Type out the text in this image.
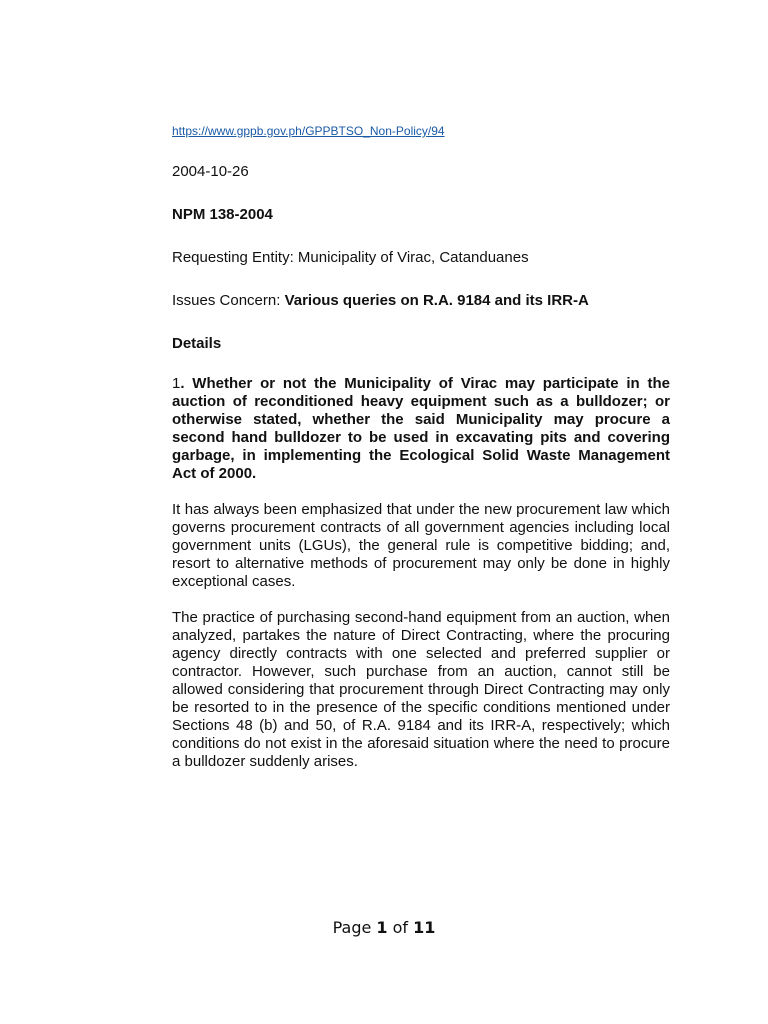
https://www.gppb.gov.ph/GPPBTSO_Non-Policy/94
2004-10-26
NPM 138-2004
Requesting Entity: Municipality of Virac, Catanduanes
Issues Concern: Various queries on R.A. 9184 and its IRR-A
Details
1. Whether or not the Municipality of Virac may participate in the auction of reconditioned heavy equipment such as a bulldozer; or otherwise stated, whether the said Municipality may procure a second hand bulldozer to be used in excavating pits and covering garbage, in implementing the Ecological Solid Waste Management Act of 2000.
It has always been emphasized that under the new procurement law which governs procurement contracts of all government agencies including local government units (LGUs), the general rule is competitive bidding; and, resort to alternative methods of procurement may only be done in highly exceptional cases.
The practice of purchasing second-hand equipment from an auction, when analyzed, partakes the nature of Direct Contracting, where the procuring agency directly contracts with one selected and preferred supplier or contractor. However, such purchase from an auction, cannot still be allowed considering that procurement through Direct Contracting may only be resorted to in the presence of the specific conditions mentioned under Sections 48 (b) and 50, of R.A. 9184 and its IRR-A, respectively; which conditions do not exist in the aforesaid situation where the need to procure a bulldozer suddenly arises.
Page 1 of 11
